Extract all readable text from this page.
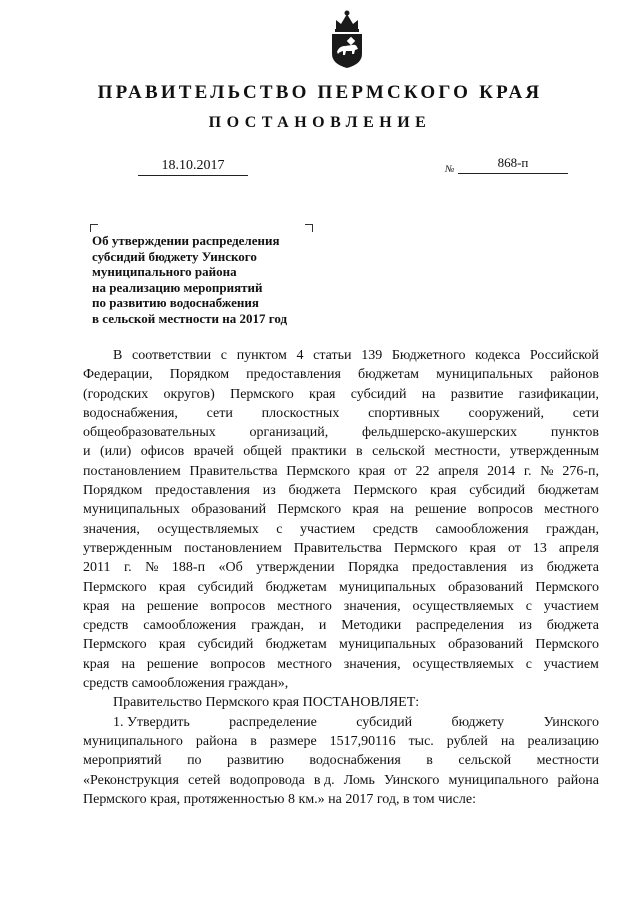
ПРАВИТЕЛЬСТВО ПЕРМСКОГО КРАЯ
ПОСТАНОВЛЕНИЕ
18.10.2017	№	868-п
Об утверждении распределения
субсидий бюджету Уинского
муниципального района
на реализацию мероприятий
по развитию водоснабжения
в сельской местности на 2017 год
В соответствии с пунктом 4 статьи 139 Бюджетного кодекса Российской
Федерации, Порядком предоставления бюджетам муниципальных районов
(городских округов) Пермского края субсидий на развитие газификации,
водоснабжения, сети плоскостных спортивных сооружений, сети
общеобразовательных организаций, фельдшерско-акушерских пунктов
и (или) офисов врачей общей практики в сельской местности, утвержденным
постановлением Правительства Пермского края от 22 апреля 2014 г. № 276-п,
Порядком предоставления из бюджета Пермского края субсидий бюджетам
муниципальных образований Пермского края на решение вопросов местного
значения, осуществляемых с участием средств самообложения граждан,
утвержденным постановлением Правительства Пермского края от 13 апреля
2011 г. № 188-п «Об утверждении Порядка предоставления из бюджета
Пермского края субсидий бюджетам муниципальных образований Пермского
края на решение вопросов местного значения, осуществляемых с участием
средств самообложения граждан, и Методики распределения из бюджета
Пермского края субсидий бюджетам муниципальных образований Пермского
края на решение вопросов местного значения, осуществляемых с участием
средств самообложения граждан»,
Правительство Пермского края ПОСТАНОВЛЯЕТ:
1. Утвердить	распределение	субсидий	бюджету	Уинского
муниципального района в размере 1517,90116 тыс. рублей на реализацию
мероприятий по развитию водоснабжения в сельской местности
«Реконструкция сетей водопровода в д. Ломь Уинского муниципального района
Пермского края, протяженностью 8 км.» на 2017 год, в том числе:
